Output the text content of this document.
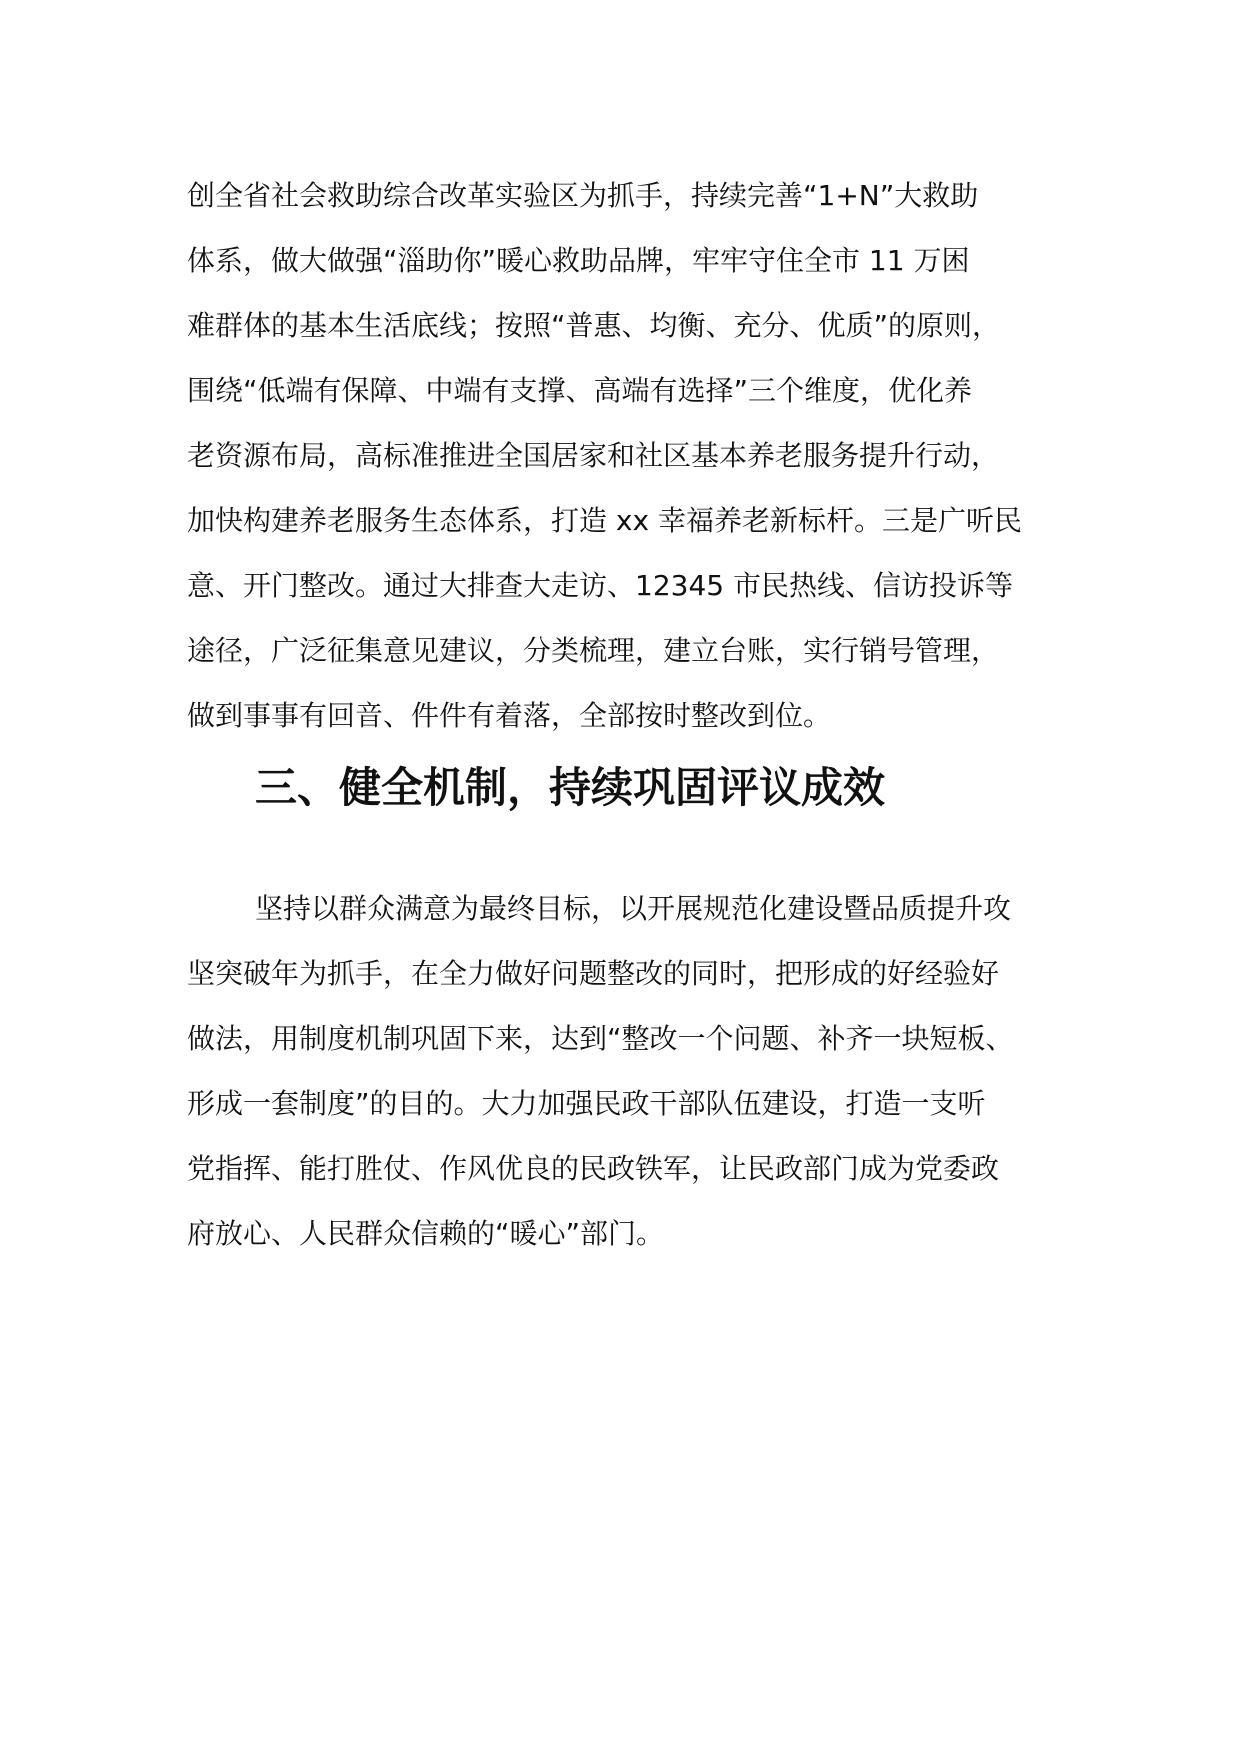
创全省社会救助综合改革实验区为抓手，持续完善“1+N”大救助
体系，做大做强“淄助你”暖心救助品牌，牢牢守住全市 11 万困
难群体的基本生活底线；按照“普惠、均衡、充分、优质”的原则，
围绕“低端有保障、中端有支撑、高端有选择”三个维度，优化养
老资源布局，高标准推进全国居家和社区基本养老服务提升行动，
加快构建养老服务生态体系，打造 xx 幸福养老新标杆。三是广听民
意、开门整改。通过大排查大走访、12345 市民热线、信访投诉等
途径，广泛征集意见建议，分类梳理，建立台账，实行销号管理，
做到事事有回音、件件有着落，全部按时整改到位。
三、健全机制，持续巩固评议成效
坚持以群众满意为最终目标，以开展规范化建设暨品质提升攻
坚突破年为抓手，在全力做好问题整改的同时，把形成的好经验好
做法，用制度机制巩固下来，达到“整改一个问题、补齐一块短板、
形成一套制度”的目的。大力加强民政干部队伍建设，打造一支听
党指挥、能打胜仗、作风优良的民政铁军，让民政部门成为党委政
府放心、人民群众信赖的“暖心”部门。
